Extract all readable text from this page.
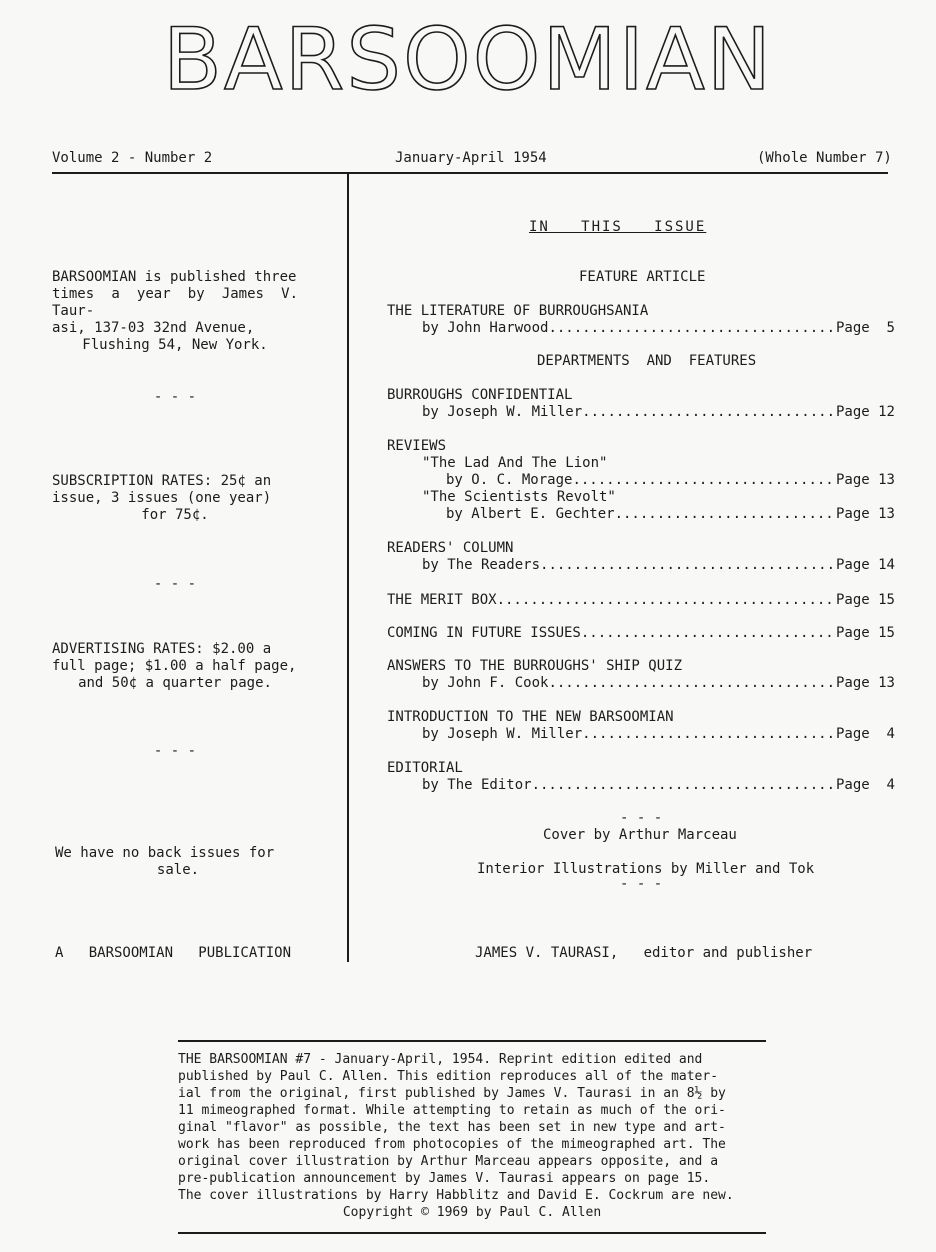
BARSOOMIAN
Volume 2 - Number 2	January-April 1954	(Whole Number 7)
BARSOOMIAN is published three
times a year by James V. Taur-
asi, 137-03 32nd Avenue,
Flushing 54, New York.
- - -
SUBSCRIPTION RATES: 25¢ an
issue, 3 issues (one year)
for 75¢.
- - -
ADVERTISING RATES: $2.00 a
full page; $1.00 a half page,
and 50¢ a quarter page.
- - -
We have no back issues for
sale.
A   BARSOOMIAN   PUBLICATION
IN   THIS   ISSUE
FEATURE ARTICLE
THE LITERATURE OF BURROUGHSANIA
by John Harwood .....	Page  5
DEPARTMENTS  AND  FEATURES
BURROUGHS CONFIDENTIAL
by Joseph W. Miller .....	Page 12
REVIEWS
"The Lad And The Lion"
by O. C. Morage .....	Page 13
"The Scientists Revolt"
by Albert E. Gechter .....	Page 13
READERS' COLUMN
by The Readers .....	Page 14
THE MERIT BOX .....	Page 15
COMING IN FUTURE ISSUES .....	Page 15
ANSWERS TO THE BURROUGHS' SHIP QUIZ
by John F. Cook .....	Page 13
INTRODUCTION TO THE NEW BARSOOMIAN
by Joseph W. Miller .....	Page  4
EDITORIAL
by The Editor .....	Page  4
- - -
Cover by Arthur Marceau
Interior Illustrations by Miller and Tok
- - -
JAMES V. TAURASI,   editor and publisher
THE BARSOOMIAN #7 - January-April, 1954. Reprint edition edited and
published by Paul C. Allen. This edition reproduces all of the mater-
ial from the original, first published by James V. Taurasi in an 8½ by
11 mimeographed format. While attempting to retain as much of the ori-
ginal "flavor" as possible, the text has been set in new type and art-
work has been reproduced from photocopies of the mimeographed art. The
original cover illustration by Arthur Marceau appears opposite, and a
pre-publication announcement by James V. Taurasi appears on page 15.
The cover illustrations by Harry Habblitz and David E. Cockrum are new.
Copyright © 1969 by Paul C. Allen
